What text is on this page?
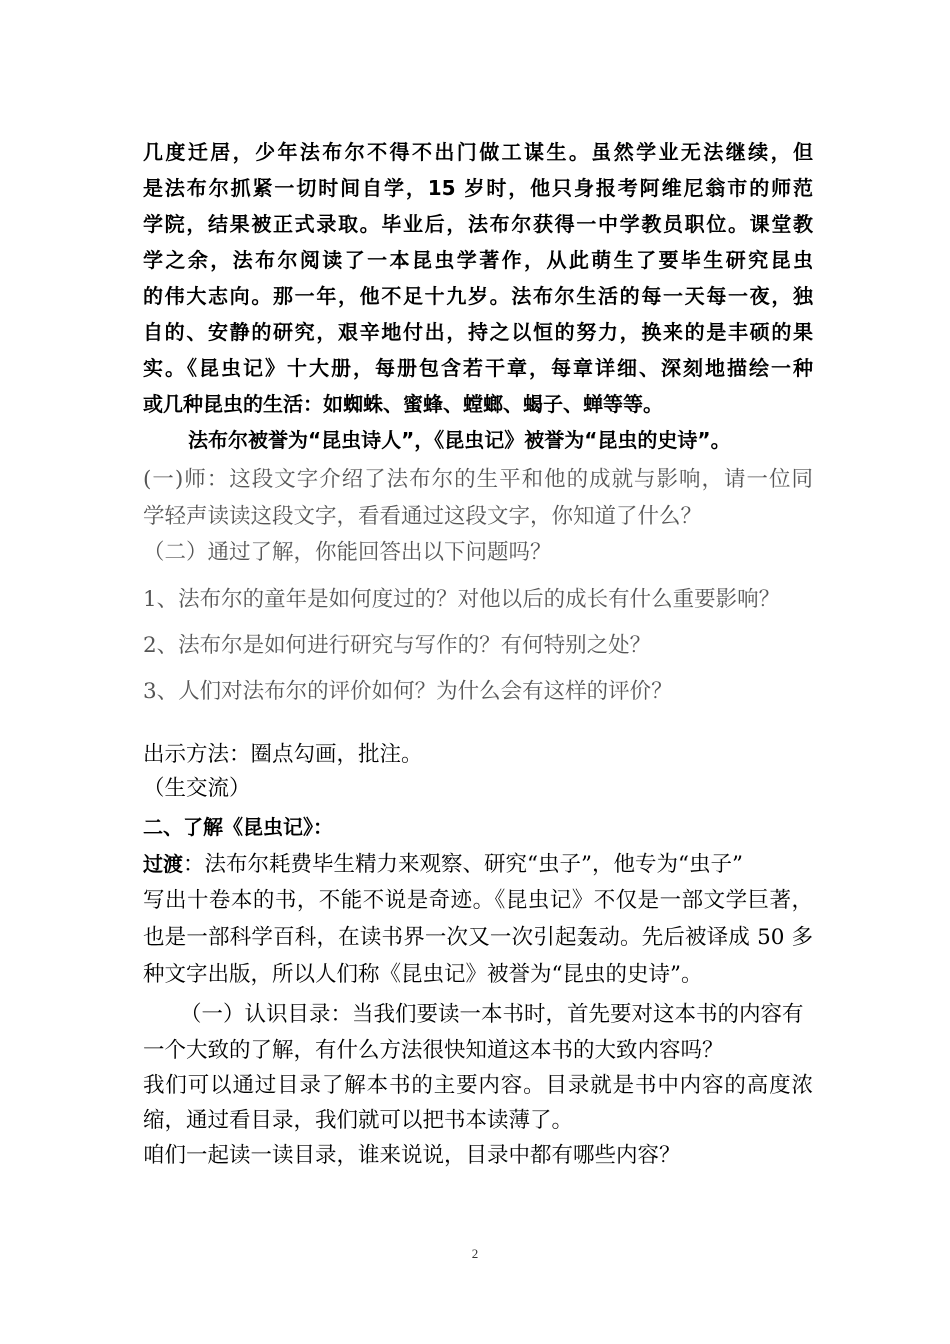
几度迁居，少年法布尔不得不出门做工谋生。虽然学业无法继续，但
是法布尔抓紧一切时间自学，15 岁时，他只身报考阿维尼翁市的师范
学院，结果被正式录取。毕业后，法布尔获得一中学教员职位。课堂教
学之余，法布尔阅读了一本昆虫学著作，从此萌生了要毕生研究昆虫
的伟大志向。那一年，他不足十九岁。法布尔生活的每一天每一夜，独
自的、安静的研究，艰辛地付出，持之以恒的努力，换来的是丰硕的果
实。《昆虫记》十大册，每册包含若干章，每章详细、深刻地描绘一种
或几种昆虫的生活：如蜘蛛、蜜蜂、螳螂、蝎子、蝉等等。
法布尔被誉为“昆虫诗人”，《昆虫记》被誉为“昆虫的史诗”。
(一)师：这段文字介绍了法布尔的生平和他的成就与影响，请一位同
学轻声读读这段文字，看看通过这段文字，你知道了什么？
（二）通过了解，你能回答出以下问题吗？
1、法布尔的童年是如何度过的？对他以后的成长有什么重要影响？
2、法布尔是如何进行研究与写作的？有何特别之处？
3、人们对法布尔的评价如何？为什么会有这样的评价？
出示方法：圈点勾画，批注。
（生交流）
二、了解《昆虫记》：
过渡：法布尔耗费毕生精力来观察、研究“虫子”，他专为“虫子”
写出十卷本的书，不能不说是奇迹。《昆虫记》不仅是一部文学巨著，
也是一部科学百科，在读书界一次又一次引起轰动。先后被译成 50 多
种文字出版，所以人们称《昆虫记》被誉为“昆虫的史诗”。
（一）认识目录：当我们要读一本书时，首先要对这本书的内容有
一个大致的了解，有什么方法很快知道这本书的大致内容吗？
我们可以通过目录了解本书的主要内容。目录就是书中内容的高度浓
缩，通过看目录，我们就可以把书本读薄了。
咱们一起读一读目录，谁来说说，目录中都有哪些内容？
2
